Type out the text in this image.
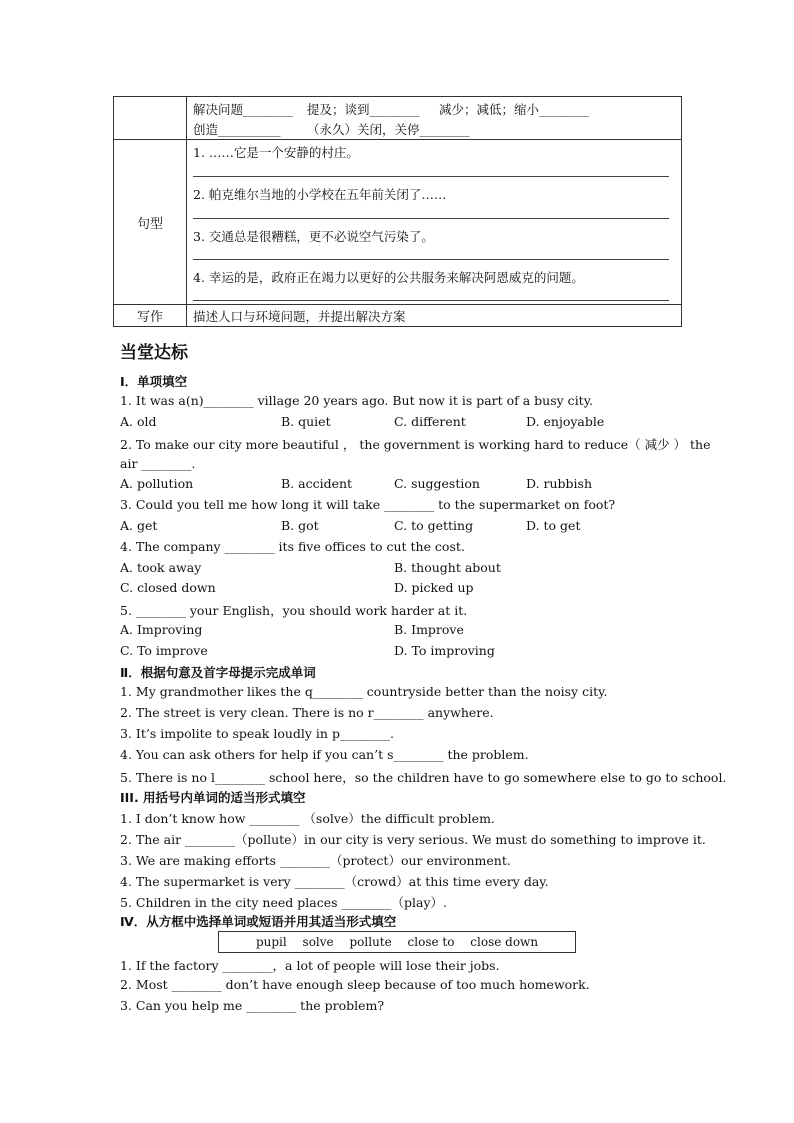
	解决问题________ 提及；谈到________ 减少；减低；缩小________
创造__________ （永久）关闭，关停________

句型	1. ……它是一个安静的村庄。
2. 帕克维尔当地的小学校在五年前关闭了……
3. 交通总是很糟糕，更不必说空气污染了。
4. 幸运的是，政府正在竭力以更好的公共服务来解决阿恩威克的问题。

写作	描述人口与环境问题，并提出解决方案
当堂达标
Ⅰ．单项填空
1. It was a(n)________ village 20 years ago. But now it is part of a busy city.
A. old	B. quiet	C. different	D. enjoyable
2. To make our city more beautiful ， the government is working hard to reduce（ 减少 ） the
air ________.
A. pollution	B. accident	C. suggestion	D. rubbish
3. Could you tell me how long it will take ________ to the supermarket on foot?
A. get	B. got	C. to getting	D. to get
4. The company ________ its five offices to cut the cost.
A. took away	B. thought about
C. closed down	D. picked up
5. ________ your English，you should work harder at it.
A. Improving	B. Improve
C. To improve	D. To improving
Ⅱ．根据句意及首字母提示完成单词
1. My grandmother likes the q________ countryside better than the noisy city.
2. The street is very clean. There is no r________ anywhere.
3. It’s impolite to speak loudly in p________.
4. You can ask others for help if you can’t s________ the problem.
5. There is no l________ school here，so the children have to go somewhere else to go to school.
III. 用括号内单词的适当形式填空
1. I don’t know how ________ （solve）the difficult problem.
2. The air ________（pollute）in our city is very serious. We must do something to improve it.
3. We are making efforts ________（protect）our environment.
4. The supermarket is very ________（crowd）at this time every day.
5. Children in the city need places ________（play）.
Ⅳ．从方框中选择单词或短语并用其适当形式填空
pupil solve pollute close to close down
1. If the factory ________，a lot of people will lose their jobs.
2. Most ________ don’t have enough sleep because of too much homework.
3. Can you help me ________ the problem?
